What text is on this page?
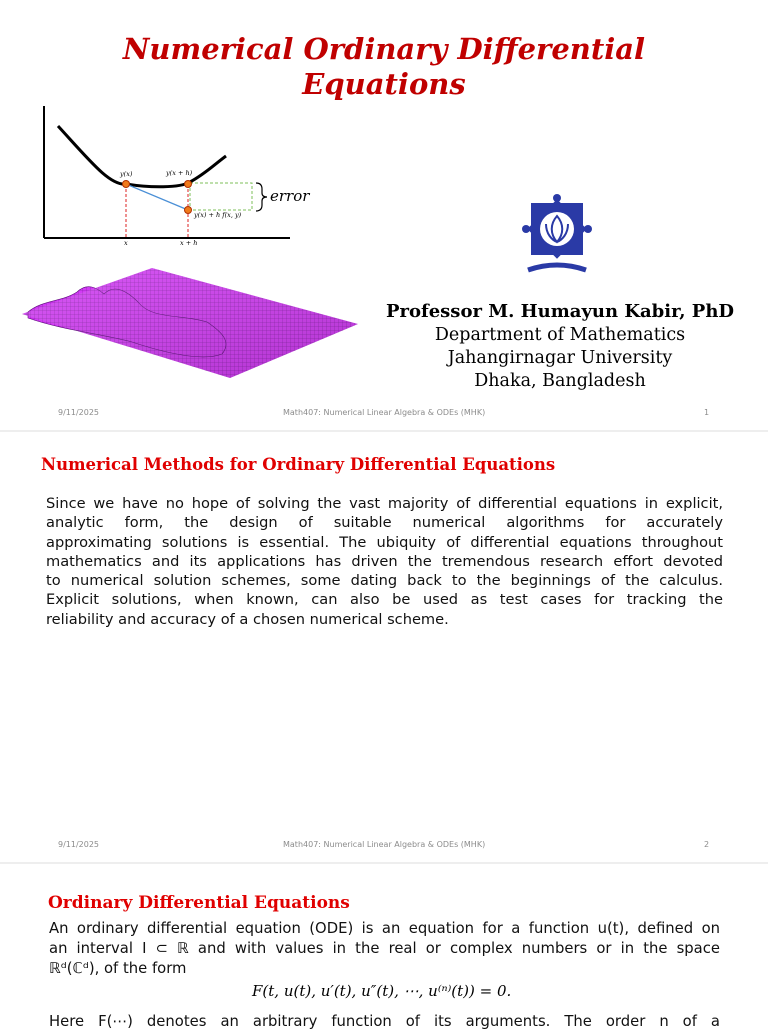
Numerical Ordinary Differential
Equations
y(x)	y(x + h)
y(x) + h f(x, y)
error
x	x + h
Professor M. Humayun Kabir, PhD
Department of Mathematics
Jahangirnagar University
Dhaka, Bangladesh
9/11/2025	Math407: Numerical Linear Algebra & ODEs (MHK)	1
Numerical Methods for Ordinary Differential Equations
Since we have no hope of solving the vast majority of differential equations in explicit,
analytic form, the design of suitable numerical algorithms for accurately
approximating solutions is essential. The ubiquity of differential equations throughout
mathematics and its applications has driven the tremendous research effort devoted
to numerical solution schemes, some dating back to the beginnings of the calculus.
Explicit solutions, when known, can also be used as test cases for tracking the
reliability and accuracy of a chosen numerical scheme.
9/11/2025	Math407: Numerical Linear Algebra & ODEs (MHK)	2
Ordinary Differential Equations
An ordinary differential equation (ODE) is an equation for a function u(t), defined on
an interval I ⊂ ℝ and with values in the real or complex numbers or in the space
ℝᵈ(ℂᵈ), of the form
F(t, u(t), u′(t), u″(t), ⋯, u⁽ⁿ⁾(t)) = 0.
Here F(⋯) denotes an arbitrary function of its arguments. The order n of a
